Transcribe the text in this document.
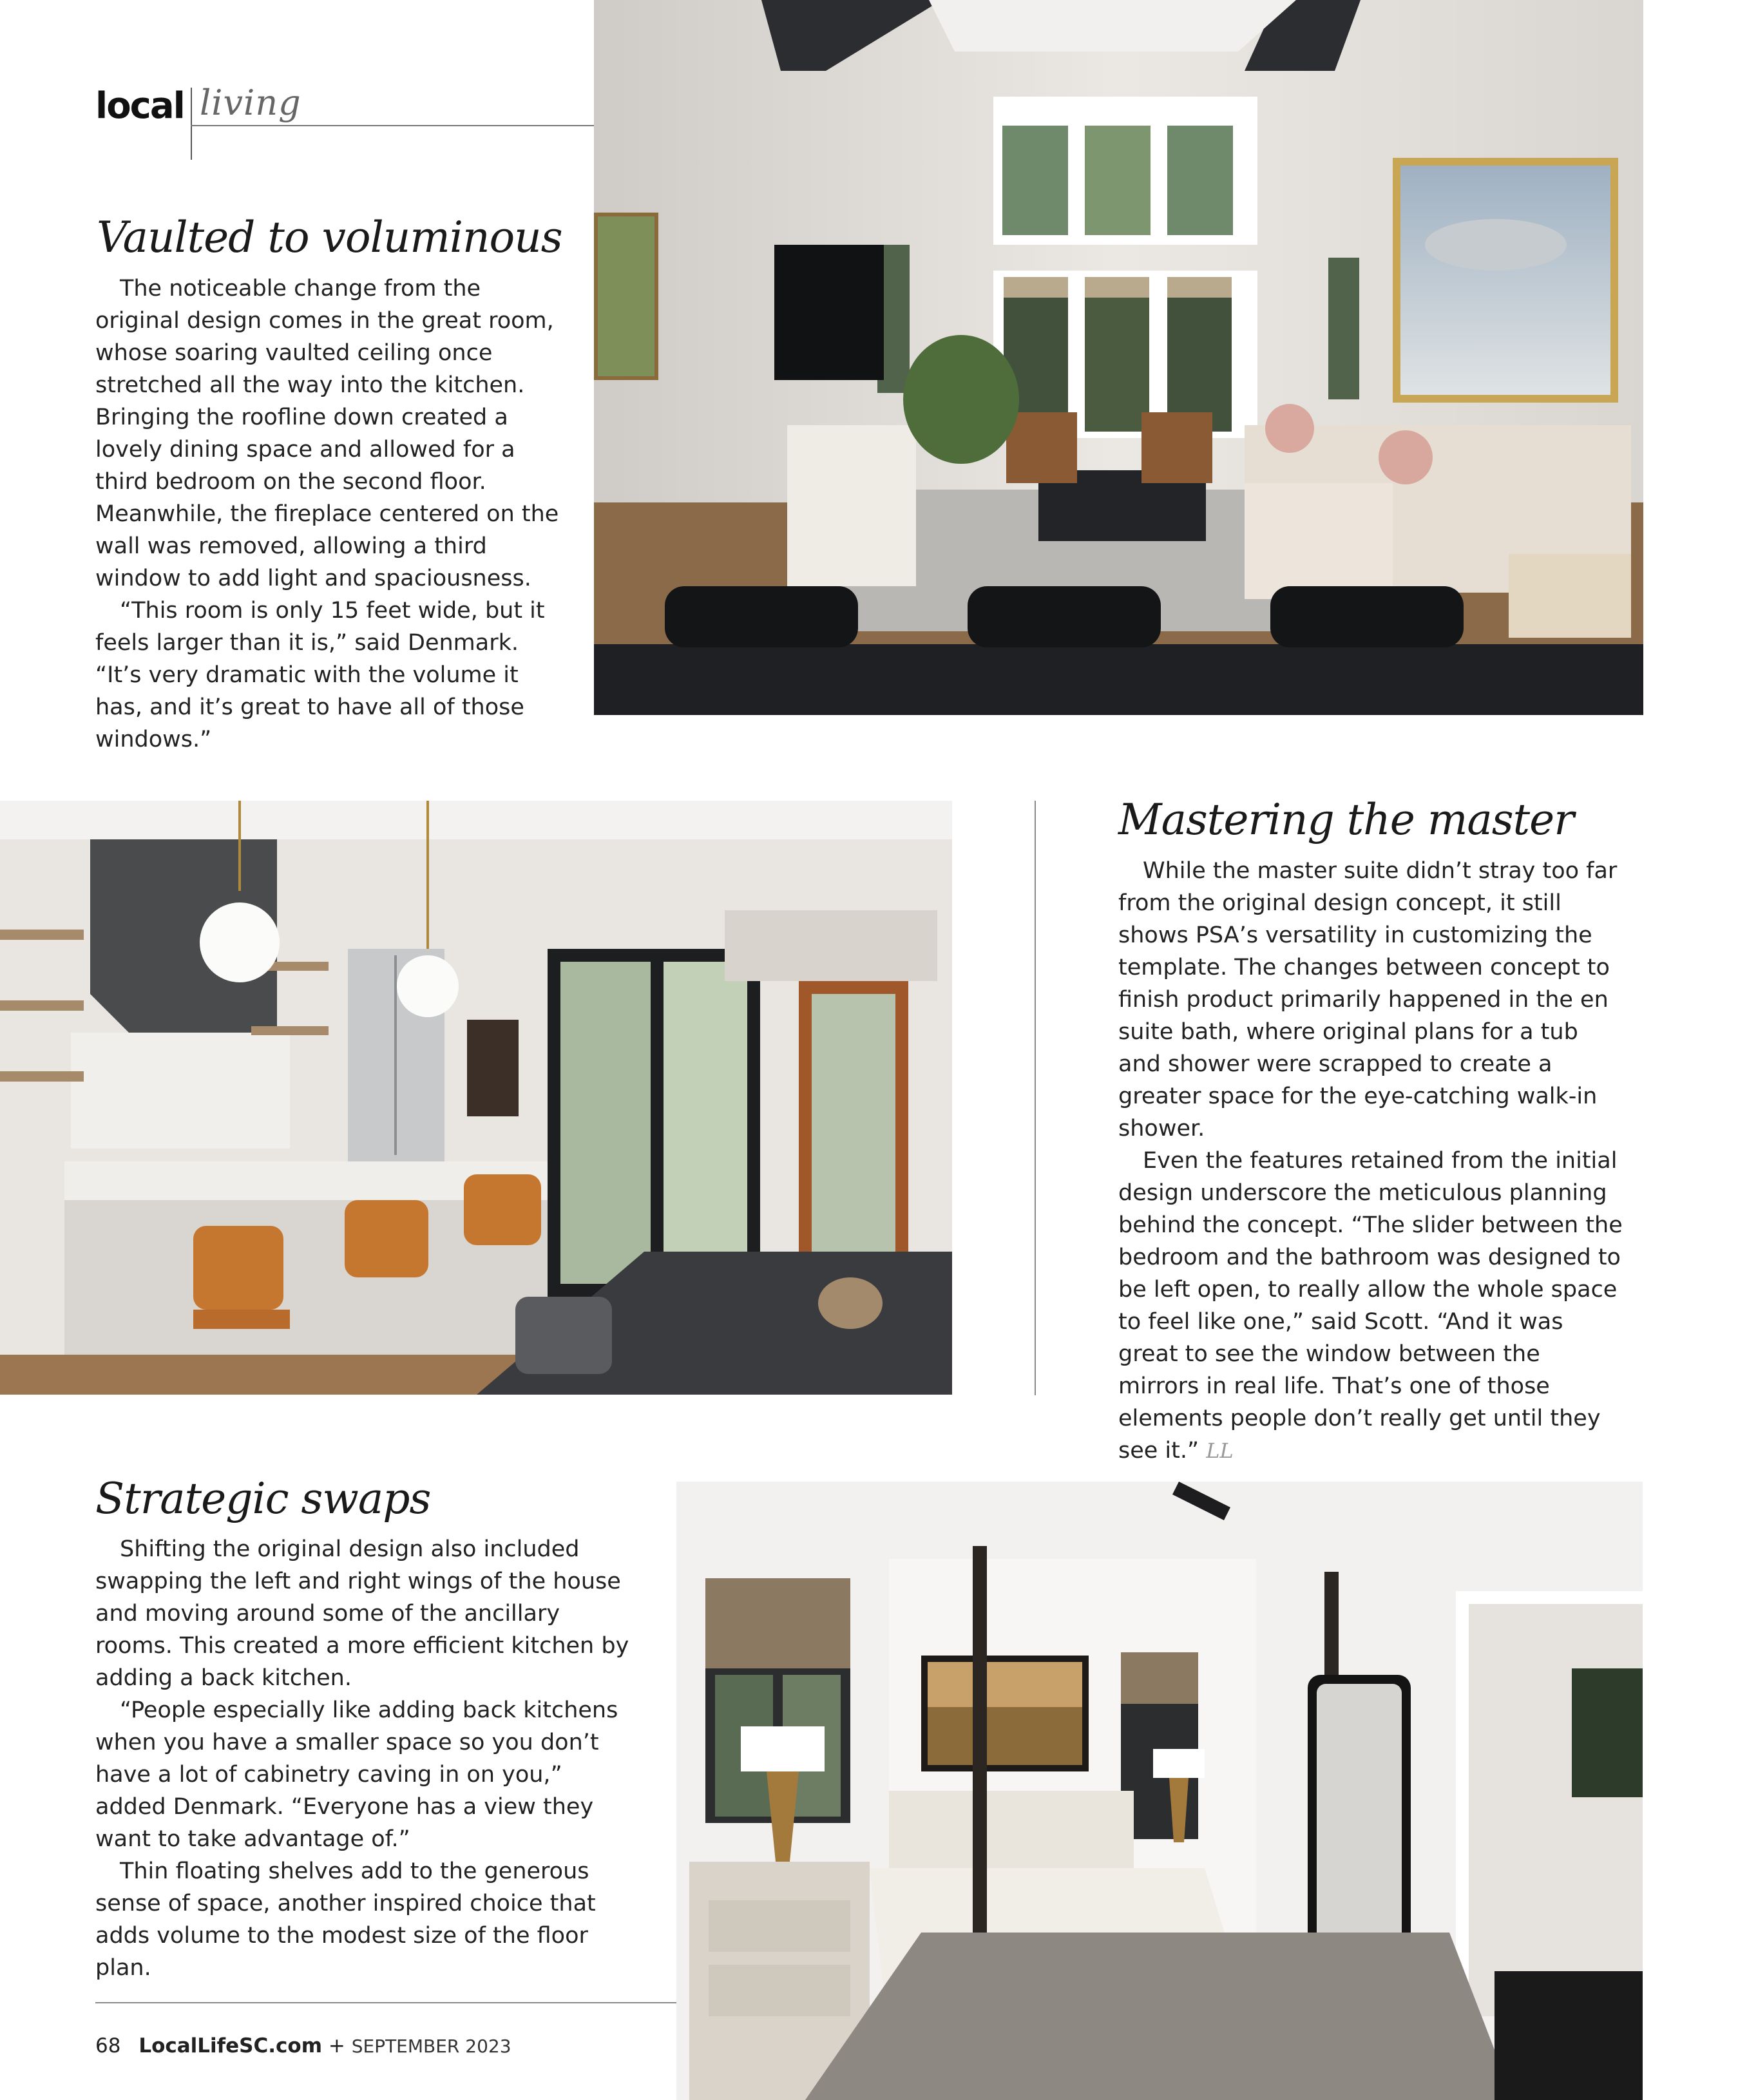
local living
Vaulted to voluminous

The noticeable change from the original design comes in the great room, whose soaring vaulted ceiling once stretched all the way into the kitchen. Bringing the roofline down created a lovely dining space and allowed for a third bedroom on the second floor. Meanwhile, the fireplace centered on the wall was removed, allowing a third window to add light and spaciousness.

“This room is only 15 feet wide, but it feels larger than it is,” said Denmark. “It’s very dramatic with the volume it has, and it’s great to have all of those windows.”

Mastering the master

While the master suite didn’t stray too far from the original design concept, it still shows PSA’s versatility in customizing the template. The changes between concept to finish product primarily happened in the en suite bath, where original plans for a tub and shower were scrapped to create a greater space for the eye-catching walk-in shower.

Even the features retained from the initial design underscore the meticulous planning behind the concept. “The slider between the bedroom and the bathroom was designed to be left open, to really allow the whole space to feel like one,” said Scott. “And it was great to see the window between the mirrors in real life. That’s one of those elements people don’t really get until they see it.” LL

Strategic swaps

Shifting the original design also included swapping the left and right wings of the house and moving around some of the ancillary rooms. This created a more efficient kitchen by adding a back kitchen.

“People especially like adding back kitchens when you have a smaller space so you don’t have a lot of cabinetry caving in on you,” added Denmark. “Everyone has a view they want to take advantage of.”

Thin floating shelves add to the generous sense of space, another inspired choice that adds volume to the modest size of the floor plan.

68 LocalLifeSC.com + SEPTEMBER 2023
